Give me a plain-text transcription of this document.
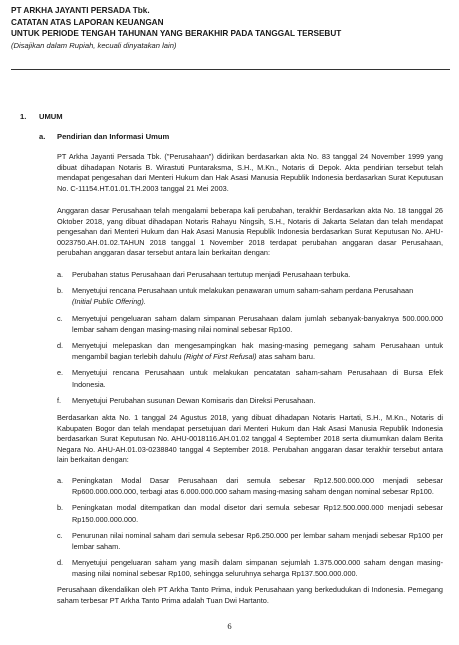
PT ARKHA JAYANTI PERSADA Tbk.
CATATAN ATAS LAPORAN KEUANGAN
UNTUK PERIODE TENGAH TAHUNAN YANG BERAKHIR PADA TANGGAL TERSEBUT
(Disajikan dalam Rupiah, kecuali dinyatakan lain)
1. UMUM
a. Pendirian dan Informasi Umum

PT Arkha Jayanti Persada Tbk. ("Perusahaan") didirikan berdasarkan akta No. 83 tanggal 24 November 1999 yang dibuat dihadapan Notaris B. Wirastuti Puntaraksma, S.H., M.Kn., Notaris di Depok. Akta pendirian tersebut telah mendapat pengesahan dari Menteri Hukum dan Hak Asasi Manusia Republik Indonesia berdasarkan Surat Keputusan No. C-11154.HT.01.01.TH.2003 tanggal 21 Mei 2003.

Anggaran dasar Perusahaan telah mengalami beberapa kali perubahan, terakhir Berdasarkan akta No. 18 tanggal 26 Oktober 2018, yang dibuat dihadapan Notaris Rahayu Ningsih, S.H., Notaris di Jakarta Selatan dan telah mendapat pengesahan dari Menteri Hukum dan Hak Asasi Manusia Republik Indonesia berdasarkan Surat Keputusan No. AHU-0023750.AH.01.02.TAHUN 2018 tanggal 1 November 2018 terdapat perubahan anggaran dasar Perusahaan, perubahan anggaran dasar tersebut antara lain berkaitan dengan:

a. Perubahan status Perusahaan dari Perusahaan tertutup menjadi Perusahaan terbuka.
b. Menyetujui rencana Perusahaan untuk melakukan penawaran umum saham-saham perdana Perusahaan
(Initial Public Offering).
c. Menyetujui pengeluaran saham dalam simpanan Perusahaan dalam jumlah sebanyak-banyaknya 500.000.000 lembar saham dengan masing-masing nilai nominal sebesar Rp100.
d. Menyetujui melepaskan dan mengesampingkan hak masing-masing pemegang saham Perusahaan untuk mengambil bagian terlebih dahulu (Right of First Refusal) atas saham baru.
e. Menyetujui rencana Perusahaan untuk melakukan pencatatan saham-saham Perusahaan di Bursa Efek Indonesia.
f. Menyetujui Perubahan susunan Dewan Komisaris dan Direksi Perusahaan.

Berdasarkan akta No. 1 tanggal 24 Agustus 2018, yang dibuat dihadapan Notaris Hartati, S.H., M.Kn., Notaris di Kabupaten Bogor dan telah mendapat persetujuan dari Menteri Hukum dan Hak Asasi Manusia Republik Indonesia berdasarkan Surat Keputusan No. AHU-0018116.AH.01.02 tanggal 4 September 2018 serta diumumkan dalam Berita Negara No. AHU-AH.01.03-0238840 tanggal 4 September 2018. Perubahan anggaran dasar terakhir tersebut antara lain berkaitan dengan:

a. Peningkatan Modal Dasar Perusahaan dari semula sebesar Rp12.500.000.000 menjadi sebesar Rp600.000.000.000, terbagi atas 6.000.000.000 saham masing-masing saham dengan nominal sebesar Rp100.
b. Peningkatan modal ditempatkan dan modal disetor dari semula sebesar Rp12.500.000.000 menjadi sebesar Rp150.000.000.000.
c. Penurunan nilai nominal saham dari semula sebesar Rp6.250.000 per lembar saham menjadi sebesar Rp100 per lembar saham.
d. Menyetujui pengeluaran saham yang masih dalam simpanan sejumlah 1.375.000.000 saham dengan masing-masing nilai nominal sebesar Rp100, sehingga seluruhnya seharga Rp137.500.000.000.

Perusahaan dikendalikan oleh PT Arkha Tanto Prima, induk Perusahaan yang berkedudukan di Indonesia. Pemegang saham terbesar PT Arkha Tanto Prima adalah Tuan Dwi Hartanto.

6
